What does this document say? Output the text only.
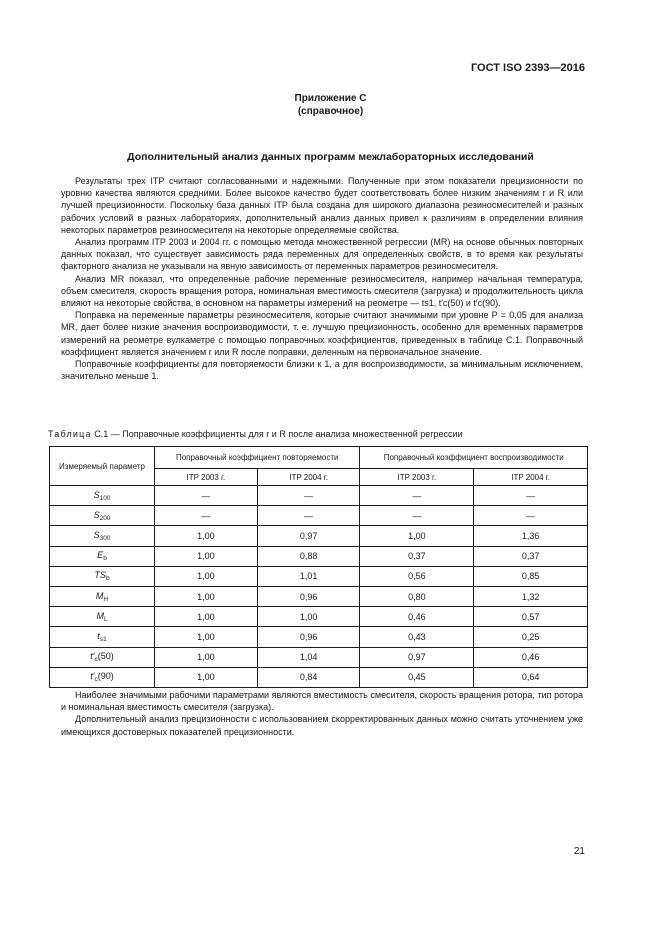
ГОСТ ISO 2393—2016
Приложение С
(справочное)
Дополнительный анализ данных программ межлабораторных исследований

Результаты трех ITP считают согласованными и надежными. Полученные при этом показатели прецизионности по уровню качества являются средними. Более высокое качество будет соответствовать более низким значениям r и R или лучшей прецизионности. Поскольку база данных ITP была создана для широкого диапазона резиносмесителей и разных рабочих условий в разных лабораториях, дополнительный анализ данных привел к различиям в определении влияния некоторых параметров резиносмесителя на некоторые определяемые свойства.

Анализ программ ITP 2003 и 2004 гг. с помощью метода множественной регрессии (MR) на основе обычных повторных данных показал, что существует зависимость ряда переменных для определенных свойств, в то время как результаты факторного анализа не указывали на явную зависимость от переменных параметров резиносмесителя.

Анализ MR показал, что определенные рабочие переменные резиносмесителя, например начальная температура, объем смесителя, скорость вращения ротора, номинальная вместимость смесителя (загрузка) и продолжительность цикла влияют на некоторые свойства, в основном на параметры измерений на реометре — ts1, t′c(50) и t′c(90).

Поправка на переменные параметры резиносмесителя, которые считают значимыми при уровне P = 0,05 для анализа MR, дает более низкие значения воспроизводимости, т. е. лучшую прецизионность, особенно для временных параметров измерений на реометре вулкаметре с помощью поправочных коэффициентов, приведенных в таблице С.1. Поправочный коэффициент является значением r или R после поправки, деленным на первоначальное значение.

Поправочные коэффициенты для повторяемости близки к 1, а для воспроизводимости, за минимальным исключением, значительно меньше 1.

Таблица С.1 — Поправочные коэффициенты для r и R после анализа множественной регрессии
Измеряемый параметр	Поправочный коэффициент повторяемости		Поправочный коэффициент воспроизводимости	
	ITP 2003 г.	ITP 2004 г.	ITP 2003 г.	ITP 2004 г.
$S_{100}$	—	—	—	—
$S_{200}$	—	—	—	—
$S_{300}$	1,00	0,97	1,00	1,36
$E_b$	1,00	0,88	0,37	0,37
$TS_b$	1,00	1,01	0,56	0,85
$M_H$	1,00	0,96	0,80	1,32
$M_L$	1,00	1,00	0,46	0,57
$t_{s1}$	1,00	0,96	0,43	0,25
$t'_c(50)$	1,00	1,04	0,97	0,46
$t'_c(90)$	1,00	0,84	0,45	0,64

Наиболее значимыми рабочими параметрами являются вместимость смесителя, скорость вращения ротора, тип ротора и номинальная вместимость смесителя (загрузка).

Дополнительный анализ прецизионности с использованием скорректированных данных можно считать уточнением уже имеющихся достоверных показателей прецизионности.

21
